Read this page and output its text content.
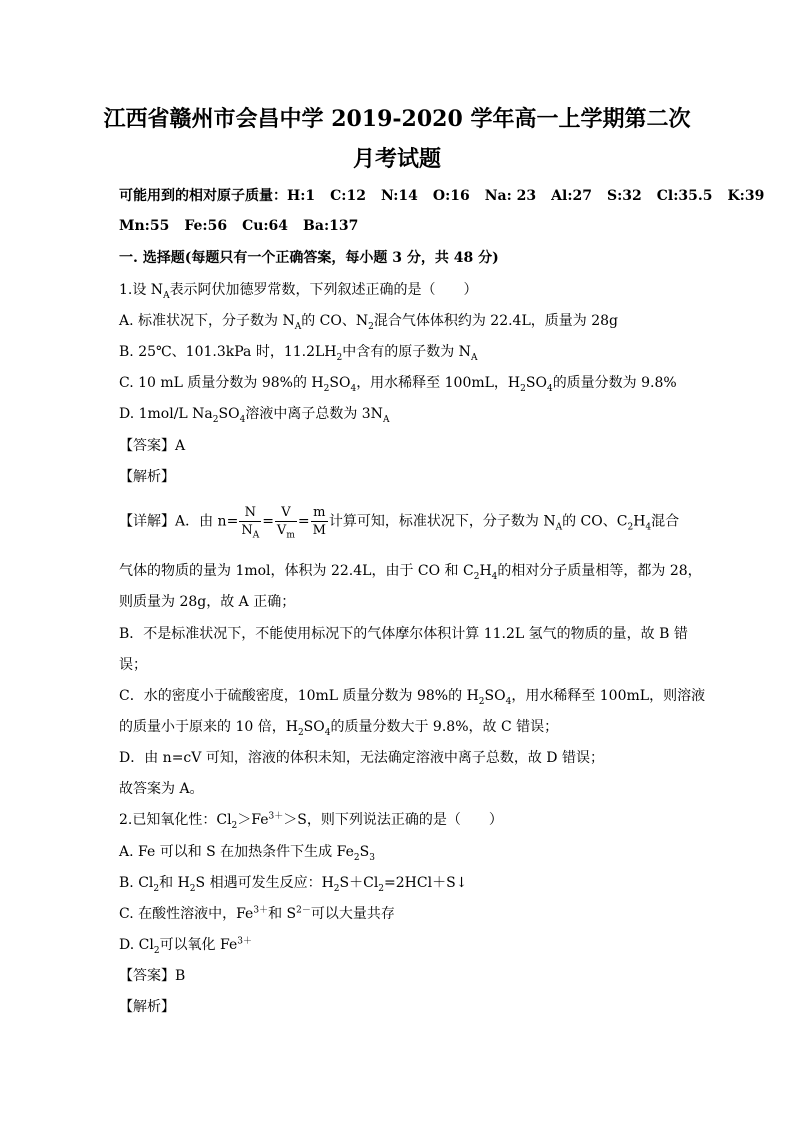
江西省赣州市会昌中学 2019-2020 学年高一上学期第二次
月考试题
可能用到的相对原子质量：H:1 C:12 N:14 O:16 Na: 23 Al:27 S:32 Cl:35.5 K:39
Mn:55 Fe:56 Cu:64 Ba:137
一. 选择题(每题只有一个正确答案，每小题 3 分，共 48 分)
1.设 $N_A$表示阿伏加德罗常数，下列叙述正确的是（　　）
A. 标准状况下，分子数为 $N_A$的 CO、$N_2$混合气体体积约为 22.4L，质量为 28g
B. 25℃、101.3kPa 时，$11.2LH_2$中含有的原子数为 $N_A$
C. 10 mL 质量分数为 98%的 $H_2SO_4$，用水稀释至 100mL，$H_2SO_4$的质量分数为 9.8%
D. 1mol/L $Na_2SO_4$溶液中离子总数为 $3N_A$
【答案】A
【解析】
【详解】A．由 $n= \frac{N}{N_A} = \frac{V}{V_m} = \frac{m}{M}$ 计算可知，标准状况下，分子数为 $N_A$的 CO、$C_2H_4$混合
气体的物质的量为 1mol，体积为 22.4L，由于 CO 和 $C_2H_4$的相对分子质量相等，都为 28，
则质量为 28g，故 A 正确；
B．不是标准状况下，不能使用标况下的气体摩尔体积计算 11.2L 氢气的物质的量，故 B 错
误；
C．水的密度小于硫酸密度，10mL 质量分数为 98%的 $H_2SO_4$，用水稀释至 100mL，则溶液
的质量小于原来的 10 倍，$H_2SO_4$的质量分数大于 9.8%，故 C 错误；
D．由 n=cV 可知，溶液的体积未知，无法确定溶液中离子总数，故 D 错误；
故答案为 A。
2.已知氧化性：$Cl_2>Fe^{3+}>S$，则下列说法正确的是（　　）
A. Fe 可以和 S 在加热条件下生成 $Fe_2S_3$
B. $Cl_2$和 $H_2S$ 相遇可发生反应：$H_2S+Cl_2=2HCl+S↓$
C. 在酸性溶液中，$Fe^{3+}$和 $S^{2-}$可以大量共存
D. $Cl_2$可以氧化 $Fe^{3+}$
【答案】B
【解析】
